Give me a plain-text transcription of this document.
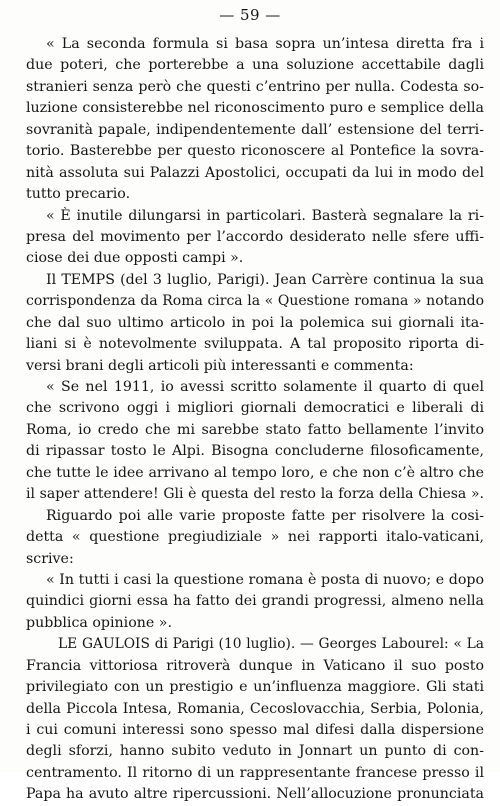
— 59 —
« La seconda formula si basa sopra un’intesa diretta fra i
due poteri, che porterebbe a una soluzione accettabile dagli
stranieri senza però che questi c’entrino per nulla. Codesta so-
luzione consisterebbe nel riconoscimento puro e semplice della
sovranità papale, indipendentemente dall’ estensione del terri-
torio. Basterebbe per questo riconoscere al Pontefice la sovra-
nità assoluta sui Palazzi Apostolici, occupati da lui in modo del
tutto precario.
« È inutile dilungarsi in particolari. Basterà segnalare la ri-
presa del movimento per l’accordo desiderato nelle sfere uffi-
ciose dei due opposti campi ».
Il TEMPS (del 3 luglio, Parigi). Jean Carrère continua la sua
corrispondenza da Roma circa la « Questione romana » notando
che dal suo ultimo articolo in poi la polemica sui giornali ita-
liani si è notevolmente sviluppata. A tal proposito riporta di-
versi brani degli articoli più interessanti e commenta:
« Se nel 1911, io avessi scritto solamente il quarto di quel
che scrivono oggi i migliori giornali democratici e liberali di
Roma, io credo che mi sarebbe stato fatto bellamente l’invito
di ripassar tosto le Alpi. Bisogna concluderne filosoficamente,
che tutte le idee arrivano al tempo loro, e che non c’è altro che
il saper attendere! Gli è questa del resto la forza della Chiesa ».
Riguardo poi alle varie proposte fatte per risolvere la cosi-
detta « questione pregiudiziale » nei rapporti italo-vaticani,
scrive:
« In tutti i casi la questione romana è posta di nuovo; e dopo
quindici giorni essa ha fatto dei grandi progressi, almeno nella
pubblica opinione ».
LE GAULOIS di Parigi (10 luglio). — Georges Labourel: « La
Francia vittoriosa ritroverà dunque in Vaticano il suo posto
privilegiato con un prestigio e un’influenza maggiore. Gli stati
della Piccola Intesa, Romania, Cecoslovacchia, Serbia, Polonia,
i cui comuni interessi sono spesso mal difesi dalla dispersione
degli sforzi, hanno subito veduto in Jonnart un punto di con-
centramento. Il ritorno di un rappresentante francese presso il
Papa ha avuto altre ripercussioni. Nell’allocuzione pronunciata
